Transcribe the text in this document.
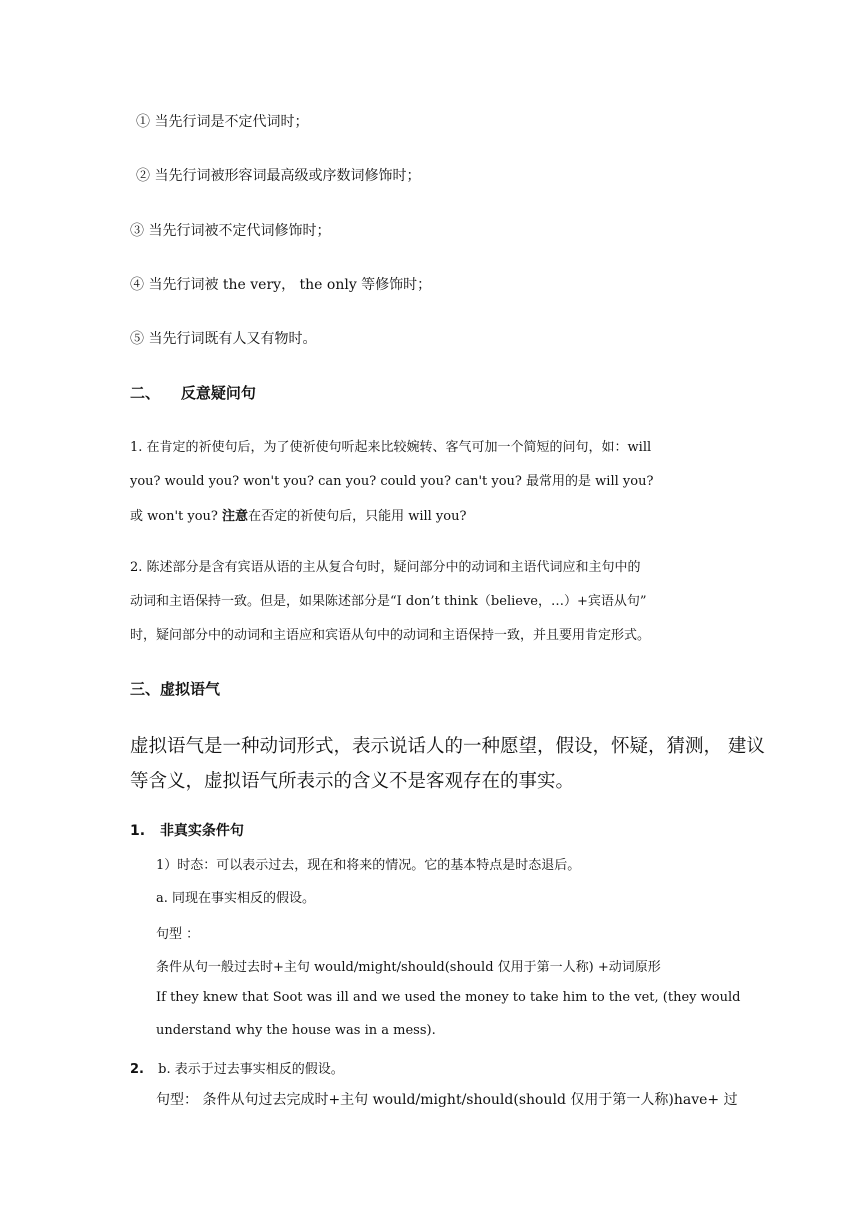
① 当先行词是不定代词时；
② 当先行词被形容词最高级或序数词修饰时；
③ 当先行词被不定代词修饰时；
④ 当先行词被 the very， the only 等修饰时；
⑤ 当先行词既有人又有物时。
二、    反意疑问句
1. 在肯定的祈使句后，为了使祈使句听起来比较婉转、客气可加一个简短的问句，如：will
you? would you? won't you? can you? could you? can't you? 最常用的是 will you?
或 won't you? 注意在否定的祈使句后，只能用 will you?
2. 陈述部分是含有宾语从语的主从复合句时，疑问部分中的动词和主语代词应和主句中的
动词和主语保持一致。但是，如果陈述部分是“I don’t think（believe，…）+宾语从句”
时，疑问部分中的动词和主语应和宾语从句中的动词和主语保持一致，并且要用肯定形式。
三、虚拟语气
虚拟语气是一种动词形式，表示说话人的一种愿望，假设，怀疑，猜测， 建议
等含义，虚拟语气所表示的含义不是客观存在的事实。
1. 非真实条件句
1）时态：可以表示过去，现在和将来的情况。它的基本特点是时态退后。
a. 同现在事实相反的假设。
句型 ：
条件从句一般过去时+主句 would/might/should(should 仅用于第一人称) +动词原形
If they knew that Soot was ill and we used the money to take him to the vet, (they would
understand why the house was in a mess).
2. b. 表示于过去事实相反的假设。
句型： 条件从句过去完成时+主句 would/might/should(should 仅用于第一人称)have+ 过
